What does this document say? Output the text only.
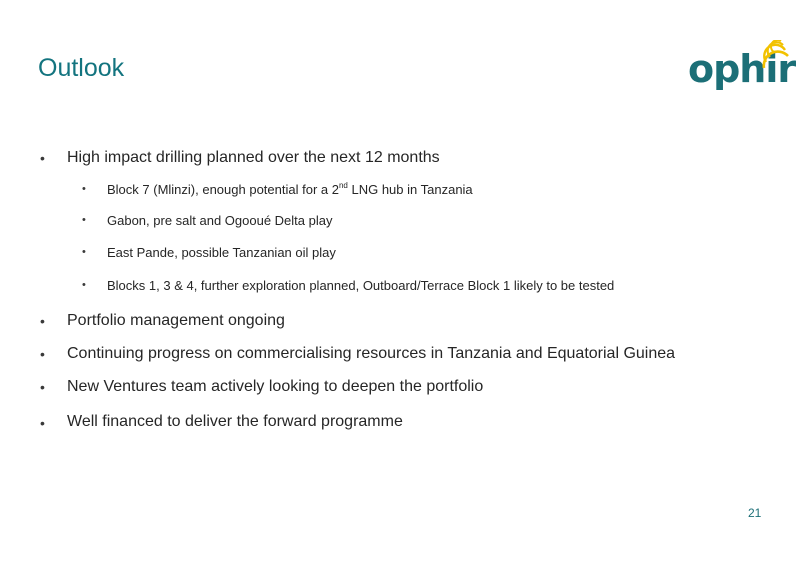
Outlook	ophir
• High impact drilling planned over the next 12 months
• Block 7 (Mlinzi), enough potential for a 2nd LNG hub in Tanzania
• Gabon, pre salt and Ogooué Delta play
• East Pande, possible Tanzanian oil play
• Blocks 1, 3 & 4, further exploration planned, Outboard/Terrace Block 1 likely to be tested
• Portfolio management ongoing
• Continuing progress on commercialising resources in Tanzania and Equatorial Guinea
• New Ventures team actively looking to deepen the portfolio
• Well financed to deliver the forward programme
21
